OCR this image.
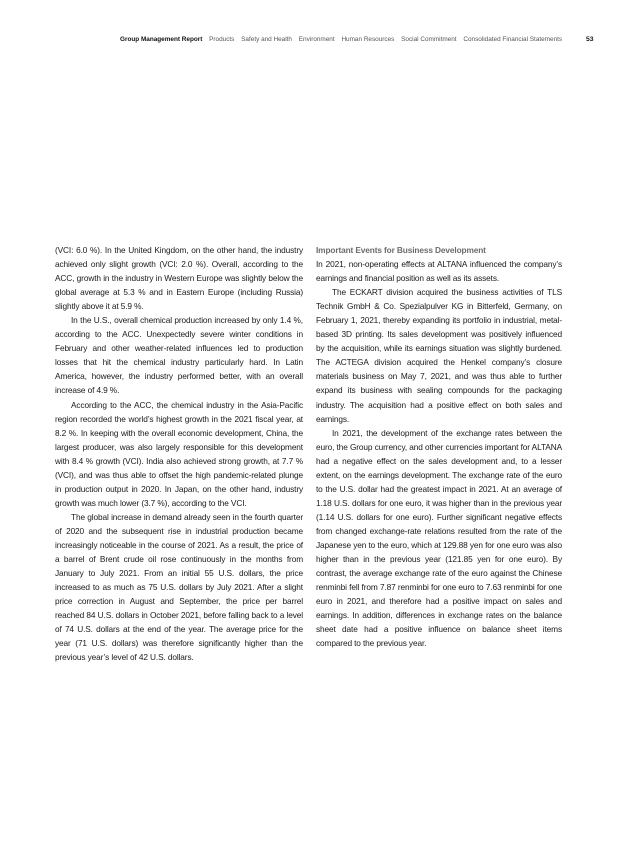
Group Management Report Products Safety and Health Environment Human Resources Social Commitment Consolidated Financial Statements	53

(VCI: 6.0 %). In the United Kingdom, on the other hand, the industry achieved only slight growth (VCI: 2.0 %). Overall, according to the ACC, growth in the industry in Western Europe was slightly below the global average at 5.3 % and in Eastern Europe (including Russia) slightly above it at 5.9 %.

In the U.S., overall chemical production increased by only 1.4 %, according to the ACC. Unexpectedly severe winter conditions in February and other weather-related influences led to production losses that hit the chemical industry particularly hard. In Latin America, however, the industry performed better, with an overall increase of 4.9 %.

According to the ACC, the chemical industry in the Asia-Pacific region recorded the world’s highest growth in the 2021 fiscal year, at 8.2 %. In keeping with the overall economic development, China, the largest producer, was also largely responsible for this development with 8.4 % growth (VCI). India also achieved strong growth, at 7.7 % (VCI), and was thus able to offset the high pandemic-related plunge in production output in 2020. In Japan, on the other hand, industry growth was much lower (3.7 %), according to the VCI.

The global increase in demand already seen in the fourth quarter of 2020 and the subsequent rise in industrial production became increasingly noticeable in the course of 2021. As a result, the price of a barrel of Brent crude oil rose continuously in the months from January to July 2021. From an initial 55 U.S. dollars, the price increased to as much as 75 U.S. dollars by July 2021. After a slight price correction in August and September, the price per barrel reached 84 U.S. dollars in October 2021, before falling back to a level of 74 U.S. dollars at the end of the year. The average price for the year (71 U.S. dollars) was therefore significantly higher than the previous year’s level of 42 U.S. dollars.

Important Events for Business Development

In 2021, non-operating effects at ALTANA influenced the company’s earnings and financial position as well as its assets.

The ECKART division acquired the business activities of TLS Technik GmbH & Co. Spezialpulver KG in Bitterfeld, Germany, on February 1, 2021, thereby expanding its portfolio in industrial, metal-based 3D printing. Its sales development was positively influenced by the acquisition, while its earnings situation was slightly burdened. The ACTEGA division acquired the Henkel company’s closure materials business on May 7, 2021, and was thus able to further expand its business with sealing compounds for the packaging industry. The acquisition had a positive effect on both sales and earnings.

In 2021, the development of the exchange rates between the euro, the Group currency, and other currencies important for ALTANA had a negative effect on the sales development and, to a lesser extent, on the earnings development. The exchange rate of the euro to the U.S. dollar had the greatest impact in 2021. At an average of 1.18 U.S. dollars for one euro, it was higher than in the previous year (1.14 U.S. dollars for one euro). Further significant negative effects from changed exchange-rate relations resulted from the rate of the Japanese yen to the euro, which at 129.88 yen for one euro was also higher than in the previous year (121.85 yen for one euro). By contrast, the average exchange rate of the euro against the Chinese renminbi fell from 7.87 renminbi for one euro to 7.63 renminbi for one euro in 2021, and therefore had a positive impact on sales and earnings. In addition, differences in exchange rates on the balance sheet date had a positive influence on balance sheet items compared to the previous year.
